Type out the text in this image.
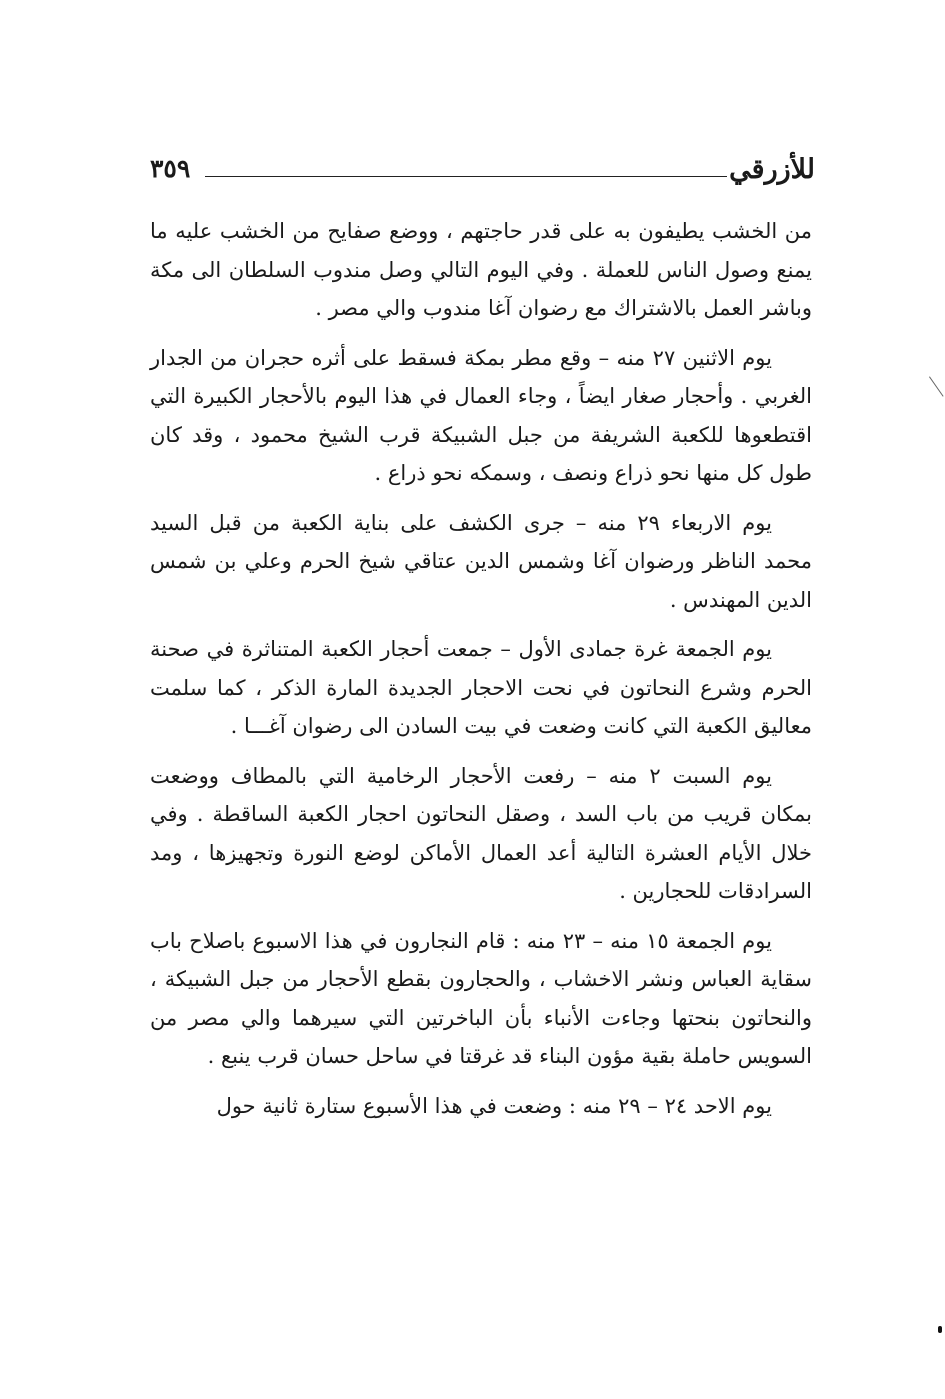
للأزرقي
٣٥٩

من الخشب يطيفون به على قدر حاجتهم ، ووضع صفايح من الخشب عليه ما يمنع وصول الناس للعملة . وفي اليوم التالي وصل مندوب السلطان الى مكة وباشر العمل بالاشتراك مع رضوان آغا مندوب والي مصر .

يوم الاثنين ٢٧ منه – وقع مطر بمكة فسقط على أثره حجران من الجدار الغربي . وأحجار صغار ايضاً ، وجاء العمال في هذا اليوم بالأحجار الكبيرة التي اقتطعوها للكعبة الشريفة من جبل الشبيكة قرب الشيخ محمود ، وقد كان طول كل منها نحو ذراع ونصف ، وسمكه نحو ذراع .

يوم الاربعاء ٢٩ منه – جرى الكشف على بناية الكعبة من قبل السيد محمد الناظر ورضوان آغا وشمس الدين عتاقي شيخ الحرم وعلي بن شمس الدين المهندس .

يوم الجمعة غرة جمادى الأول – جمعت أحجار الكعبة المتناثرة في صحنة الحرم وشرع النحاتون في نحت الاحجار الجديدة المارة الذكر ، كما سلمت معاليق الكعبة التي كانت وضعت في بيت السادن الى رضوان آغـــا .

يوم السبت ٢ منه – رفعت الأحجار الرخامية التي بالمطاف ووضعت بمكان قريب من باب السد ، وصقل النحاتون احجار الكعبة الساقطة . وفي خلال الأيام العشرة التالية أعد العمال الأماكن لوضع النورة وتجهيزها ، ومد السرادقات للحجارين .

يوم الجمعة ١٥ منه – ٢٣ منه : قام النجارون في هذا الاسبوع باصلاح باب سقاية العباس ونشر الاخشاب ، والحجارون بقطع الأحجار من جبل الشبيكة ، والنحاتون بنحتها وجاءت الأنباء بأن الباخرتين التي سيرهما والي مصر من السويس حاملة بقية مؤون البناء قد غرقتا في ساحل حسان قرب ينبع .

يوم الاحد ٢٤ – ٢٩ منه : وضعت في هذا الأسبوع ستارة ثانية حول
